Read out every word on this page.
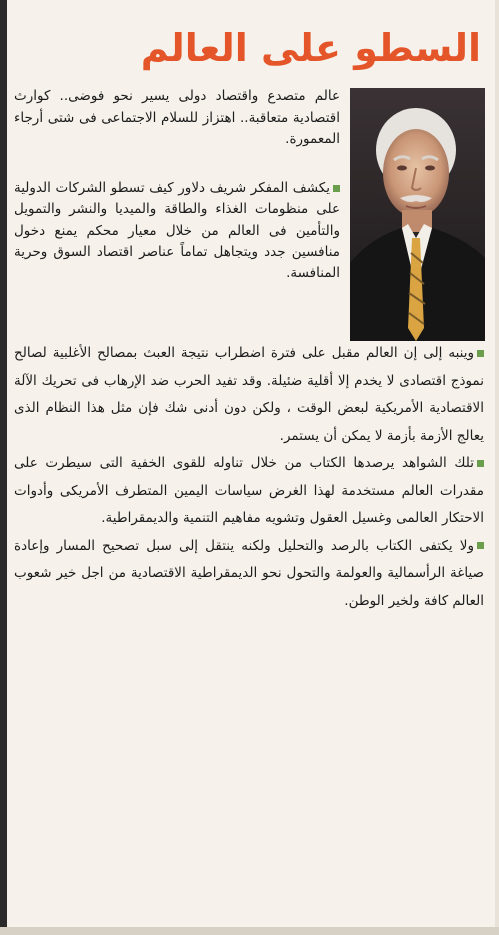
السطو على العالم

عالم متصدع واقتصاد دولى يسير نحو فوضى.. كوارث اقتصادية متعاقبة.. اهتزاز للسلام الاجتماعى فى شتى أرجاء المعمورة.

يكشف المفكر شريف دلاور كيف تسطو الشركات الدولية على منظومات الغذاء والطاقة والميديا والنشر والتمويل والتأمين فى العالم من خلال معيار محكم يمنع دخول منافسين جدد ويتجاهل تماماً عناصر اقتصاد السوق وحرية المنافسة.

وينبه إلى إن العالم مقبل على فترة اضطراب نتيجة العبث بمصالح الأغلبية لصالح نموذج اقتصادى لا يخدم إلا أقلية ضئيلة. وقد تفيد الحرب ضد الإرهاب فى تحريك الآلة الاقتصادية الأمريكية لبعض الوقت ، ولكن دون أدنى شك فإن مثل هذا النظام الذى يعالج الأزمة بأزمة لا يمكن أن يستمر.

تلك الشواهد يرصدها الكتاب من خلال تناوله للقوى الخفية التى سيطرت على مقدرات العالم مستخدمة لهذا الغرض سياسات اليمين المتطرف الأمريكى وأدوات الاحتكار العالمى وغسيل العقول وتشويه مفاهيم التنمية والديمقراطية.

ولا يكتفى الكتاب بالرصد والتحليل ولكنه ينتقل إلى سبل تصحيح المسار وإعادة صياغة الرأسمالية والعولمة والتحول نحو الديمقراطية الاقتصادية من اجل خير شعوب العالم كافة ولخير الوطن.
